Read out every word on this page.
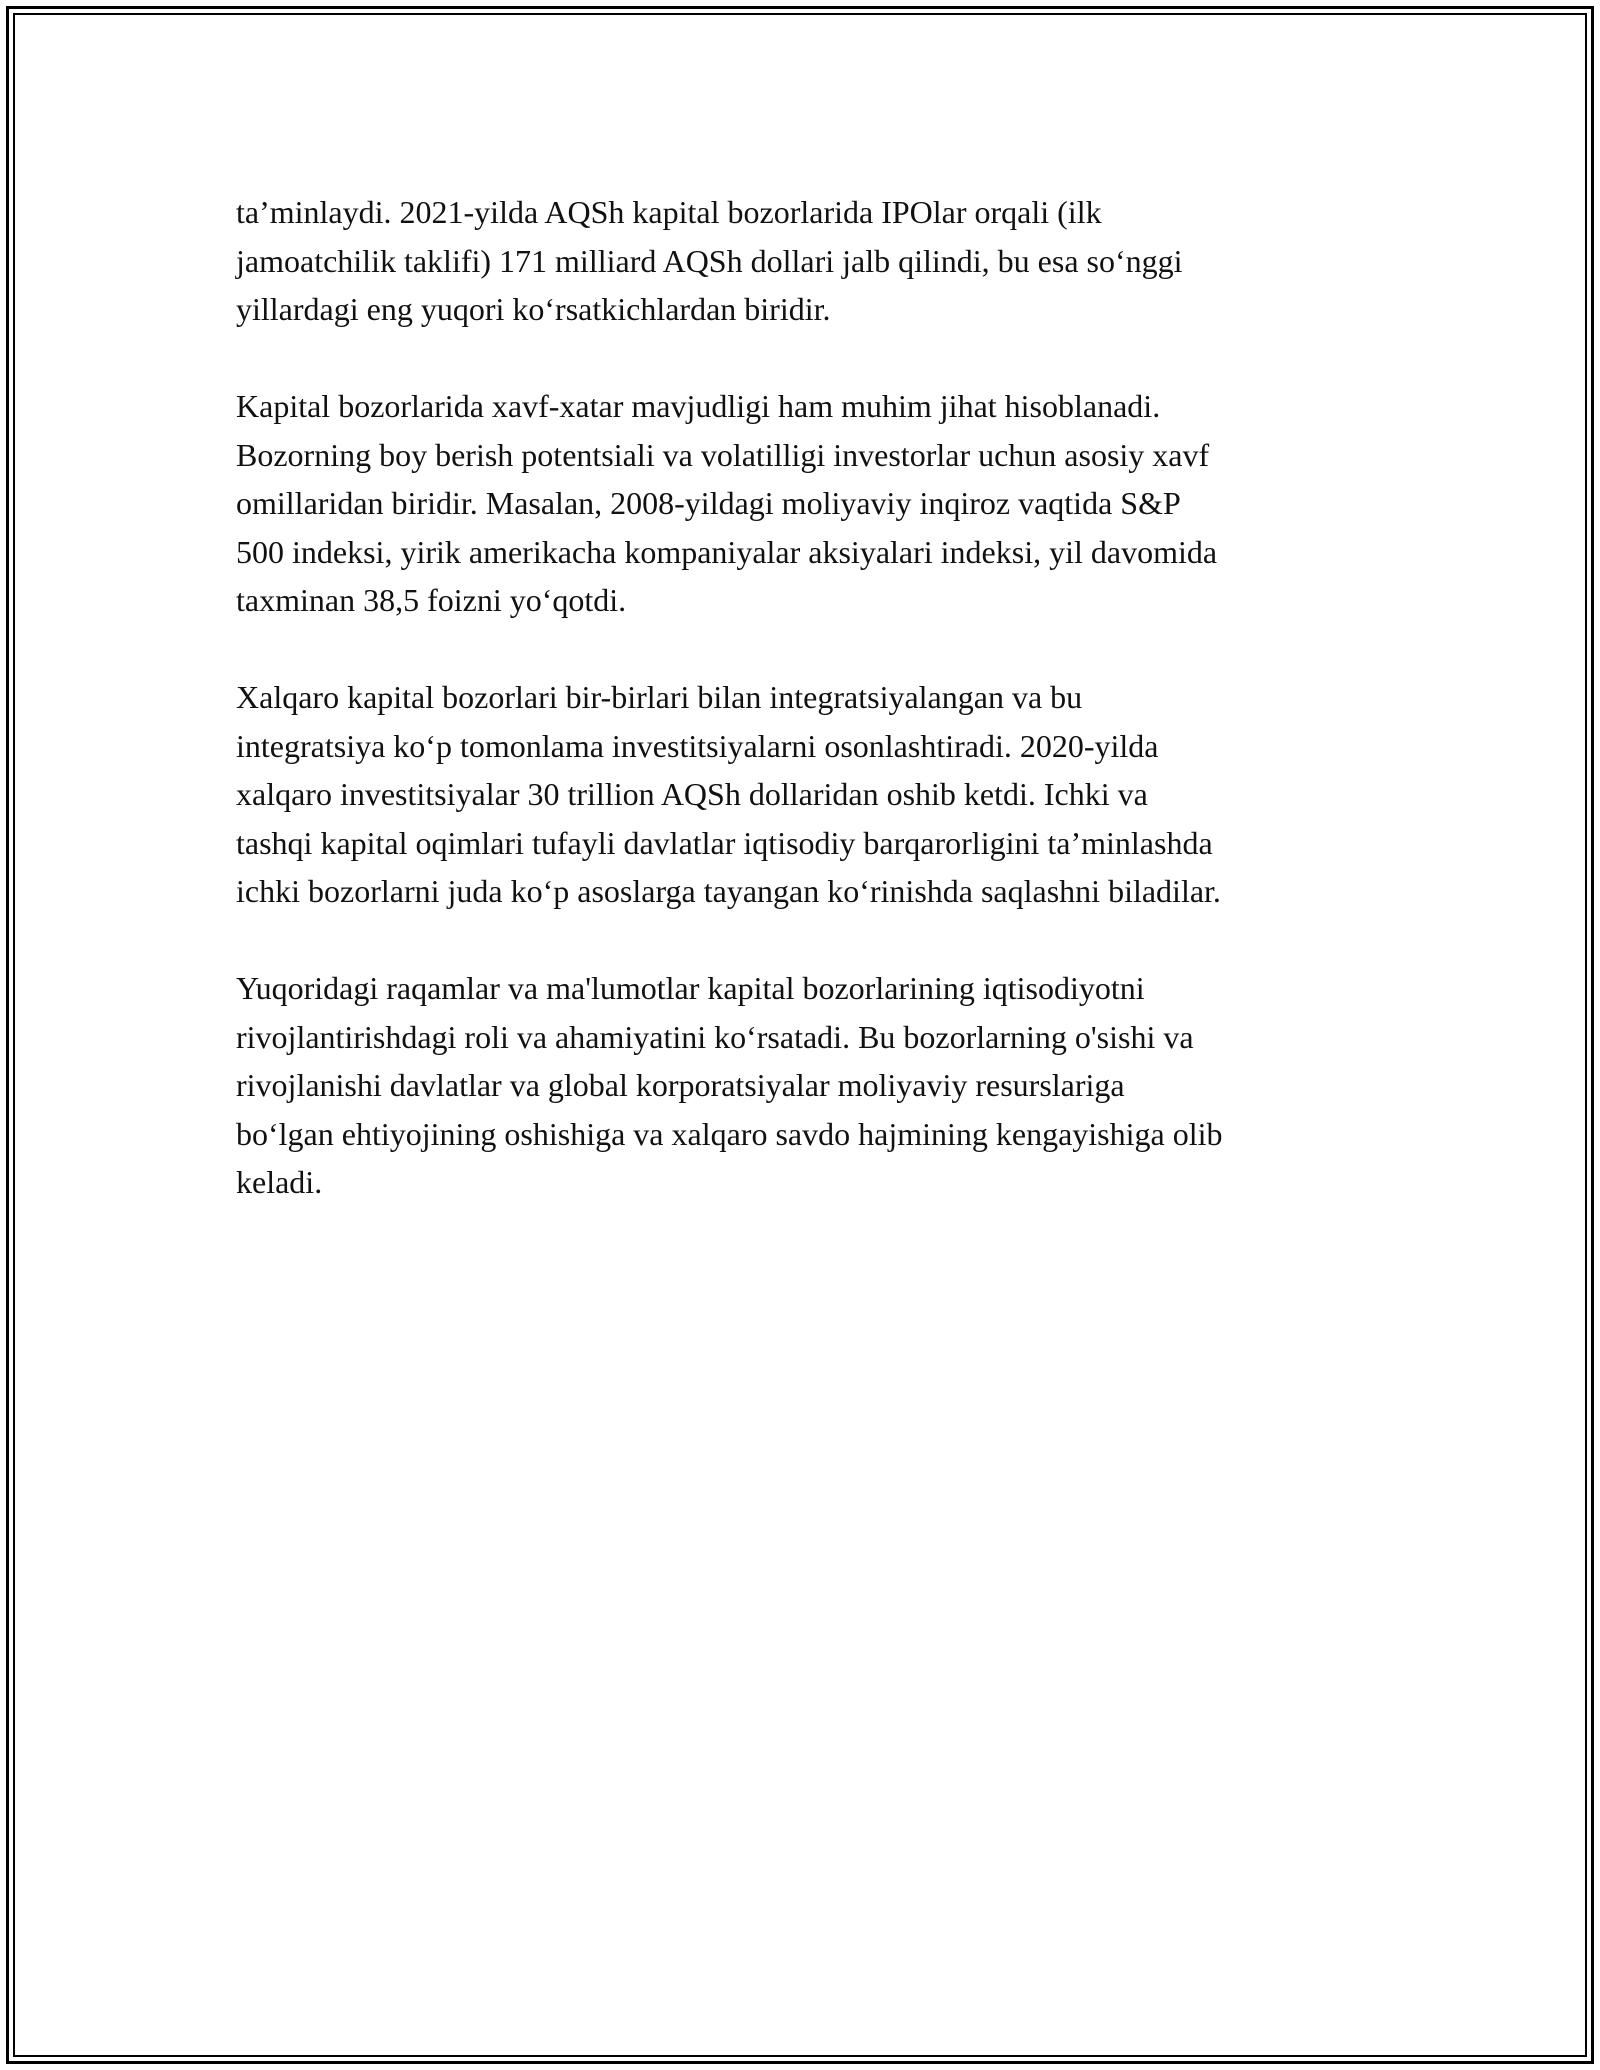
ta’minlaydi. 2021-yilda AQSh kapital bozorlarida IPOlar orqali (ilk
jamoatchilik taklifi) 171 milliard AQSh dollari jalb qilindi, bu esa so‘nggi
yillardagi eng yuqori ko‘rsatkichlardan biridir.

Kapital bozorlarida xavf-xatar mavjudligi ham muhim jihat hisoblanadi.
Bozorning boy berish potentsiali va volatilligi investorlar uchun asosiy xavf
omillaridan biridir. Masalan, 2008-yildagi moliyaviy inqiroz vaqtida S&P
500 indeksi, yirik amerikacha kompaniyalar aksiyalari indeksi, yil davomida
taxminan 38,5 foizni yo‘qotdi.

Xalqaro kapital bozorlari bir-birlari bilan integratsiyalangan va bu
integratsiya ko‘p tomonlama investitsiyalarni osonlashtiradi. 2020-yilda
xalqaro investitsiyalar 30 trillion AQSh dollaridan oshib ketdi. Ichki va
tashqi kapital oqimlari tufayli davlatlar iqtisodiy barqarorligini ta’minlashda
ichki bozorlarni juda ko‘p asoslarga tayangan ko‘rinishda saqlashni biladilar.

Yuqoridagi raqamlar va ma'lumotlar kapital bozorlarining iqtisodiyotni
rivojlantirishdagi roli va ahamiyatini ko‘rsatadi. Bu bozorlarning o'sishi va
rivojlanishi davlatlar va global korporatsiyalar moliyaviy resurslariga
bo‘lgan ehtiyojining oshishiga va xalqaro savdo hajmining kengayishiga olib
keladi.
